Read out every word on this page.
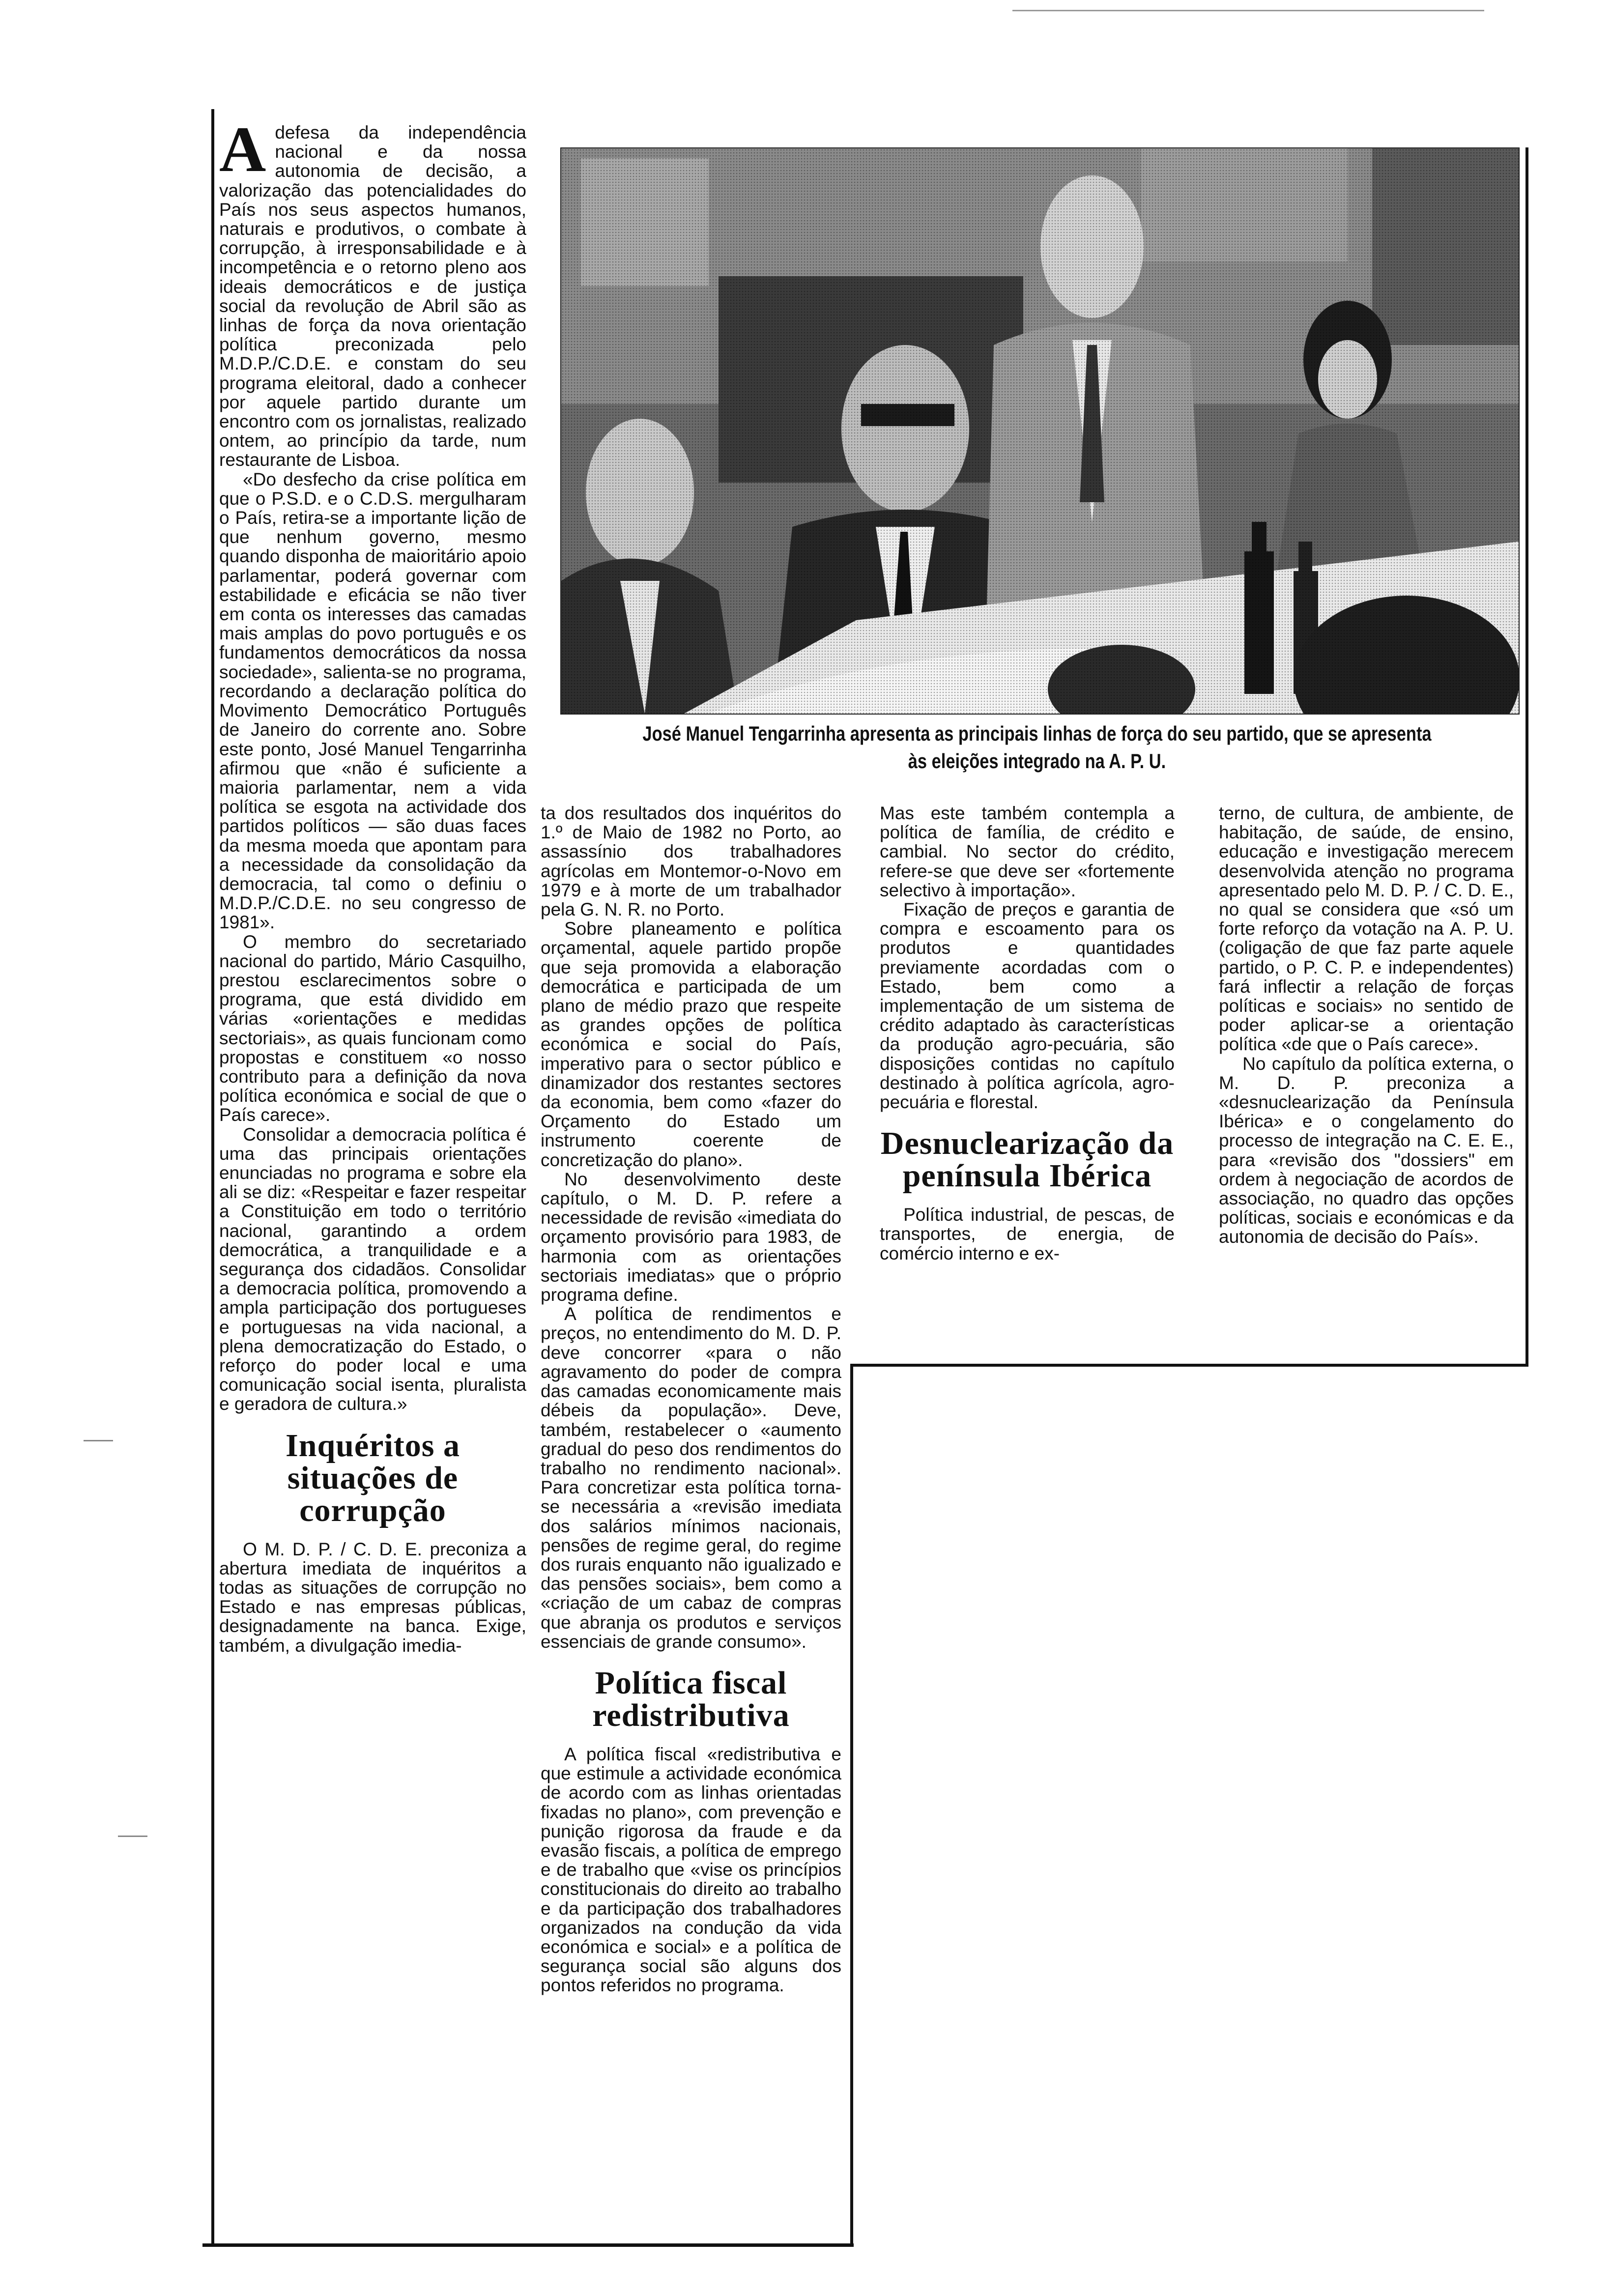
José Manuel Tengarrinha apresenta as principais linhas de força do seu partido, que se apresenta às eleições integrado na A. P. U.

Adefesa da independência nacional e da nossa autonomia de decisão, a valorização das potencialidades do País nos seus aspectos humanos, naturais e produtivos, o combate à corrupção, à irresponsabilidade e à incompetência e o retorno pleno aos ideais democráticos e de justiça social da revolução de Abril são as linhas de força da nova orientação política preconizada pelo M.D.P./C.D.E. e constam do seu programa eleitoral, dado a conhecer por aquele partido durante um encontro com os jornalistas, realizado ontem, ao princípio da tarde, num restaurante de Lisboa.

«Do desfecho da crise política em que o P.S.D. e o C.D.S. mergulharam o País, retira-se a importante lição de que nenhum governo, mesmo quando disponha de maioritário apoio parlamentar, poderá governar com estabilidade e eficácia se não tiver em conta os interesses das camadas mais amplas do povo português e os fundamentos democráticos da nossa sociedade», salienta-se no programa, recordando a declaração política do Movimento Democrático Português de Janeiro do corrente ano. Sobre este ponto, José Manuel Tengarrinha afirmou que «não é suficiente a maioria parlamentar, nem a vida política se esgota na actividade dos partidos políticos — são duas faces da mesma moeda que apontam para a necessidade da consolidação da democracia, tal como o definiu o M.D.P./C.D.E. no seu congresso de 1981».

O membro do secretariado nacional do partido, Mário Casquilho, prestou esclarecimentos sobre o programa, que está dividido em várias «orientações e medidas sectoriais», as quais funcionam como propostas e constituem «o nosso contributo para a definição da nova política económica e social de que o País carece».

Consolidar a democracia política é uma das principais orientações enunciadas no programa e sobre ela ali se diz: «Respeitar e fazer respeitar a Constituição em todo o território nacional, garantindo a ordem democrática, a tranquilidade e a segurança dos cidadãos. Consolidar a democracia política, promovendo a ampla participação dos portugueses e portuguesas na vida nacional, a plena democratização do Estado, o reforço do poder local e uma comunicação social isenta, pluralista e geradora de cultura.»

Inquéritos a situações de corrupção

O M. D. P. / C. D. E. preconiza a abertura imediata de inquéritos a todas as situações de corrupção no Estado e nas empresas públicas, designadamente na banca. Exige, também, a divulgação imedia-

ta dos resultados dos inquéritos do 1.º de Maio de 1982 no Porto, ao assassínio dos trabalhadores agrícolas em Montemor-o-Novo em 1979 e à morte de um trabalhador pela G. N. R. no Porto.

Sobre planeamento e política orçamental, aquele partido propõe que seja promovida a elaboração democrática e participada de um plano de médio prazo que respeite as grandes opções de política económica e social do País, imperativo para o sector público e dinamizador dos restantes sectores da economia, bem como «fazer do Orçamento do Estado um instrumento coerente de concretização do plano».

No desenvolvimento deste capítulo, o M. D. P. refere a necessidade de revisão «imediata do orçamento provisório para 1983, de harmonia com as orientações sectoriais imediatas» que o próprio programa define.

A política de rendimentos e preços, no entendimento do M. D. P. deve concorrer «para o não agravamento do poder de compra das camadas economicamente mais débeis da população». Deve, também, restabelecer o «aumento gradual do peso dos rendimentos do trabalho no rendimento nacional». Para concretizar esta política torna-se necessária a «revisão imediata dos salários mínimos nacionais, pensões de regime geral, do regime dos rurais enquanto não igualizado e das pensões sociais», bem como a «criação de um cabaz de compras que abranja os produtos e serviços essenciais de grande consumo».

Política fiscal redistributiva

A política fiscal «redistributiva e que estimule a actividade económica de acordo com as linhas orientadas fixadas no plano», com prevenção e punição rigorosa da fraude e da evasão fiscais, a política de emprego e de trabalho que «vise os princípios constitucionais do direito ao trabalho e da participação dos trabalhadores organizados na condução da vida económica e social» e a política de segurança social são alguns dos pontos referidos no programa.

Mas este também contempla a política de família, de crédito e cambial. No sector do crédito, refere-se que deve ser «fortemente selectivo à importação».

Fixação de preços e garantia de compra e escoamento para os produtos e quantidades previamente acordadas com o Estado, bem como a implementação de um sistema de crédito adaptado às características da produção agro-pecuária, são disposições contidas no capítulo destinado à política agrícola, agro-pecuária e florestal.

Desnuclearização da península Ibérica

Política industrial, de pescas, de transportes, de energia, de comércio interno e ex-

terno, de cultura, de ambiente, de habitação, de saúde, de ensino, educação e investigação merecem desenvolvida atenção no programa apresentado pelo M. D. P. / C. D. E., no qual se considera que «só um forte reforço da votação na A. P. U. (coligação de que faz parte aquele partido, o P. C. P. e independentes) fará inflectir a relação de forças políticas e sociais» no sentido de poder aplicar-se a orientação política «de que o País carece».

No capítulo da política externa, o M. D. P. preconiza a «desnuclearização da Península Ibérica» e o congelamento do processo de integração na C. E. E., para «revisão dos "dossiers" em ordem à negociação de acordos de associação, no quadro das opções políticas, sociais e económicas e da autonomia de decisão do País».
